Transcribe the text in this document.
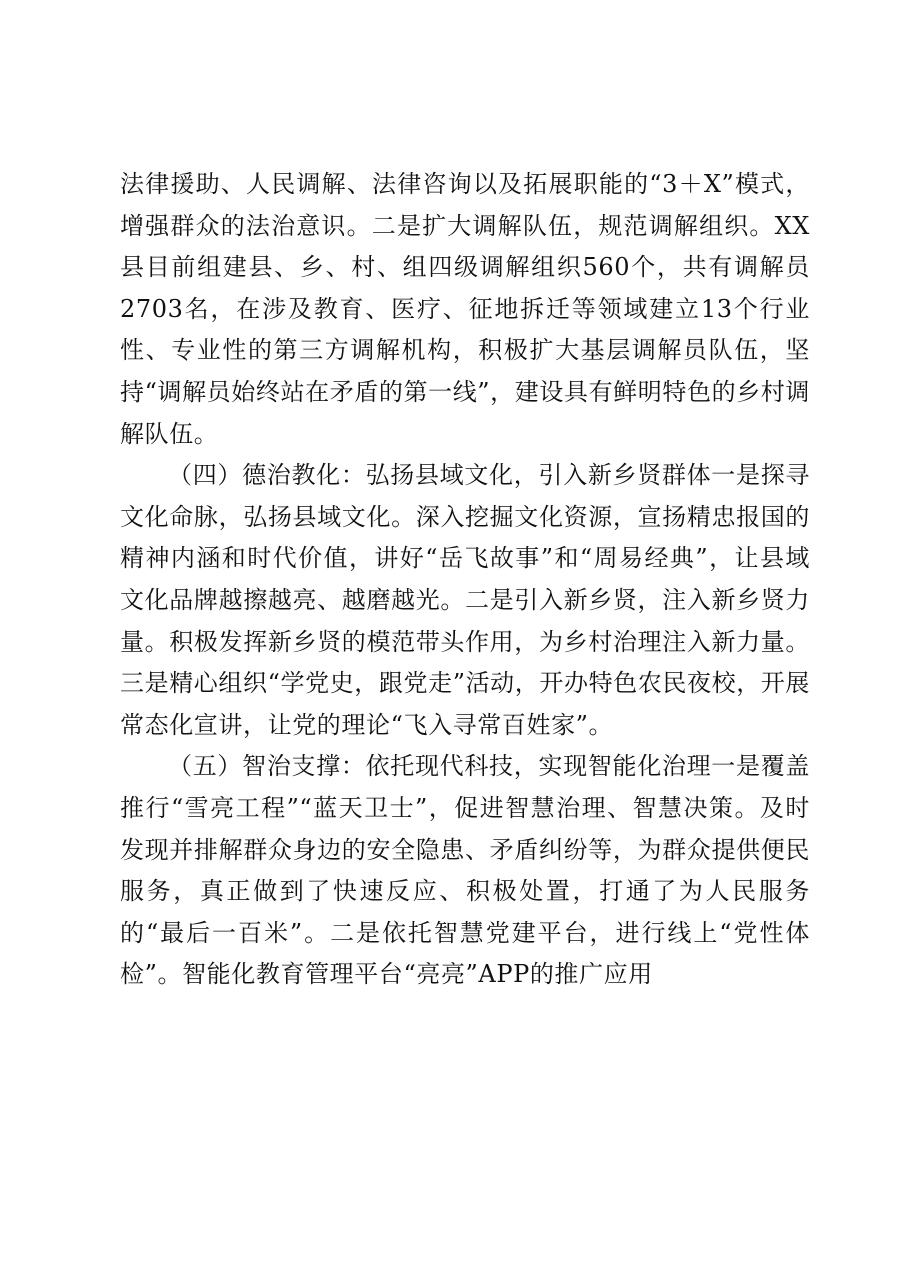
法律援助、人民调解、法律咨询以及拓展职能的“3＋X”模式，增强群众的法治意识。二是扩大调解队伍，规范调解组织。XX县目前组建县、乡、村、组四级调解组织560个，共有调解员2703名，在涉及教育、医疗、征地拆迁等领域建立13个行业性、专业性的第三方调解机构，积极扩大基层调解员队伍，坚持“调解员始终站在矛盾的第一线”，建设具有鲜明特色的乡村调解队伍。

（四）德治教化：弘扬县域文化，引入新乡贤群体一是探寻文化命脉，弘扬县域文化。深入挖掘文化资源，宣扬精忠报国的精神内涵和时代价值，讲好“岳飞故事”和“周易经典”，让县域文化品牌越擦越亮、越磨越光。二是引入新乡贤，注入新乡贤力量。积极发挥新乡贤的模范带头作用，为乡村治理注入新力量。三是精心组织“学党史，跟党走”活动，开办特色农民夜校，开展常态化宣讲，让党的理论“飞入寻常百姓家”。

（五）智治支撑：依托现代科技，实现智能化治理一是覆盖推行“雪亮工程”“蓝天卫士”，促进智慧治理、智慧决策。及时发现并排解群众身边的安全隐患、矛盾纠纷等，为群众提供便民服务，真正做到了快速反应、积极处置，打通了为人民服务的“最后一百米”。二是依托智慧党建平台，进行线上“党性体检”。智能化教育管理平台“亮亮”APP的推广应用
